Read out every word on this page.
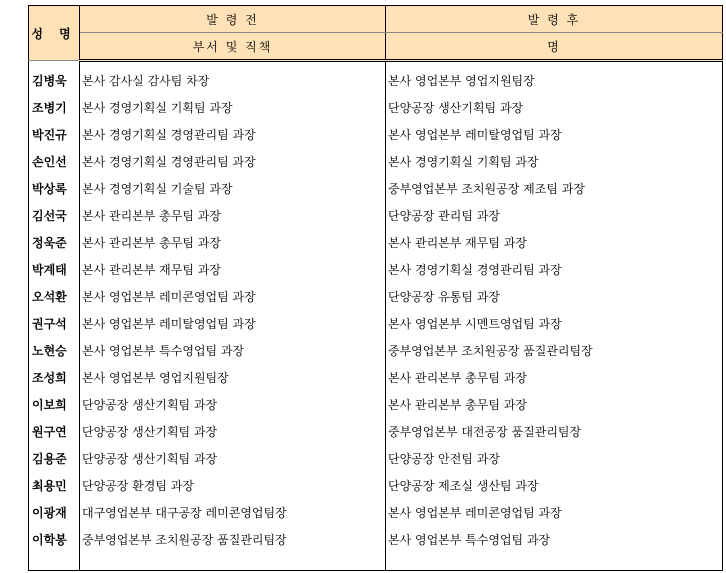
성 명	발 령 전	발 령 후
	부서 및 직책	명

김병욱	본사 감사실 감사팀 차장	본사 영업본부 영업지원팀장
조병기	본사 경영기획실 기획팀 과장	단양공장 생산기획팀 과장
박진규	본사 경영기획실 경영관리팀 과장	본사 영업본부 레미탈영업팀 과장
손인선	본사 경영기획실 경영관리팀 과장	본사 경영기획실 기획팀 과장
박상록	본사 경영기획실 기술팀 과장	중부영업본부 조치원공장 제조팀 과장
김선국	본사 관리본부 총무팀 과장	단양공장 관리팀 과장
정욱준	본사 관리본부 총무팀 과장	본사 관리본부 재무팀 과장
박계태	본사 관리본부 재무팀 과장	본사 경영기획실 경영관리팀 과장
오석환	본사 영업본부 레미콘영업팀 과장	단양공장 유통팀 과장
권구석	본사 영업본부 레미탈영업팀 과장	본사 영업본부 시멘트영업팀 과장
노현승	본사 영업본부 특수영업팀 과장	중부영업본부 조치원공장 품질관리팀장
조성희	본사 영업본부 영업지원팀장	본사 관리본부 총무팀 과장
이보희	단양공장 생산기획팀 과장	본사 관리본부 총무팀 과장
원구연	단양공장 생산기획팀 과장	중부영업본부 대전공장 품질관리팀장
김용준	단양공장 생산기획팀 과장	단양공장 안전팀 과장
최용민	단양공장 환경팀 과장	단양공장 제조실 생산팀 과장
이광재	대구영업본부 대구공장 레미콘영업팀장	본사 영업본부 레미콘영업팀 과장
이학봉	중부영업본부 조치원공장 품질관리팀장	본사 영업본부 특수영업팀 과장
